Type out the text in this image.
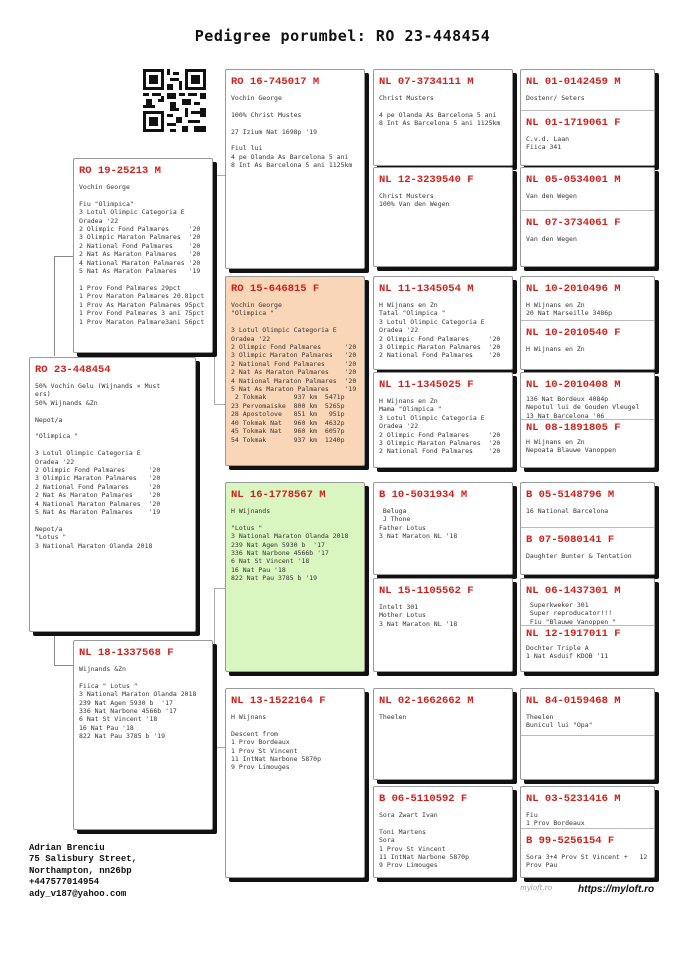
Pedigree porumbel: RO 23-448454
RO 23-448454
50% Vochin Gelu (Wijnands × Must
ers)
50% Wijnands &Zn

Nepot/a

"Olimpica "

3 Lotul Olimpic Categoria E
Oradea '22
2 Olimpic Fond Palmares      '20
3 Olimpic Maraton Palmares   '20
2 National Fond Palmares     '20
2 Nat As Maraton Palmares    '20
4 National Maraton Palmares  '20
5 Nat As Maraton Palmares    '19

Nepot/a
"Lotus "
3 National Maraton Olanda 2018
RO 19-25213 M
Vochin George

Fiu "Olimpica"
3 Lotul Olimpic Categoria E
Oradea '22
2 Olimpic Fond Palmares     '20
3 Olimpic Maraton Palmares  '20
2 National Fond Palmares    '20
2 Nat As Maraton Palmares   '20
4 National Maraton Palmares '20
5 Nat As Maraton Palmares   '19

1 Prov Fond Palmares 29pct
1 Prov Maraton Palmares 20.81pct
1 Prov As Maraton Palmares 95pct
1 Prov Fond Palmares 3 ani 75pct
1 Prov Maraton Palmare3ani 56pct
NL 18-1337568 F
Wijnands &Zn

Fiica " Lotus "
3 National Maraton Olanda 2018
239 Nat Agen 5930 b  '17
336 Nat Narbone 4566b '17
6 Nat St Vincent '18
16 Nat Pau '18
822 Nat Pau 3785 b '19
RO 16-745017 M
Vochin George

100% Christ Mustes

27 Izium Nat 1698p '19

Fiul lui
4 pe Olanda As Barcelona 5 ani
8 Int As Barcelona 5 ani 1125km
RO 15-646815 F
Vochin George
"Olimpica "

3 Lotul Olimpic Categoria E
Oradea '22
2 Olimpic Fond Palmares      '20
3 Olimpic Maraton Palmares   '20
2 National Fond Palmares     '20
2 Nat As Maraton Palmares    '20
4 National Maraton Palmares  '20
5 Nat As Maraton Palmares    '19
2 Tokmak       937 km  5471p
23 Pervomaiske  800 km  5265p
28 Apostolove   851 km   951p
40 Tokmak Nat   960 km  4632p
45 Tokmak Nat   960 km  6057p
54 Tokmak       937 km  1240p
NL 16-1778567 M
H Wijnands

"Lotus "
3 National Maraton Olanda 2018
239 Nat Agen 5930 b  '17
336 Nat Narbone 4566b '17
6 Nat St Vincent '18
16 Nat Pau '18
822 Nat Pau 3785 b '19
NL 13-1522164 F
H Wijnans

Descent from
1 Prov Bordeaux
1 Prov St Vincent
11 IntNat Narbone 5870p
9 Prov Limouges
NL 07-3734111 M
Christ Musters

4 pe Olanda As Barcelona 5 ani
8 Int As Barcelona 5 ani 1125km
NL 12-3239540 F
Christ Musters
100% Van den Wegen
NL 11-1345054 M
H Wijnans en Zn
Tatal "Olimpica "
3 Lotul Olimpic Categoria E
Oradea '22
2 Olimpic Fond Palmares     '20
3 Olimpic Maraton Palmares  '20
2 National Fond Palmares    '20
NL 11-1345025 F
H Wijnans en Zn
Mama "Olimpica "
3 Lotul Olimpic Categoria E
Oradea '22
2 Olimpic Fond Palmares     '20
3 Olimpic Maraton Palmares  '20
2 National Fond Palmares    '20
B 10-5031934 M
Beluga
J Thone
Father Lotus
3 Nat Maraton NL '18
NL 15-1105562 F
Intelt 301
Mother Lotus
3 Nat Maraton NL '18
NL 02-1662662 M
Theelen
B 06-5110592 F
Sora Zwart Ivan

Toni Martens
Sora
1 Prov St Vincent
11 IntNat Narbone 5870p
9 Prov Limouges
NL 01-0142459 M
Dostenr/ Seters
NL 01-1719061 F
C.v.d. Laan
Fiica 341
NL 05-0534001 M
Van den Wegen
NL 07-3734061 F
Van den Wegen
NL 10-2010496 M
H Wijnans en Zn
20 Nat Marseille 3486p
NL 10-2010540 F
H Wijnans en Zn
NL 10-2010408 M
136 Nat Bordeux 4084p
Nepotul lui de Gouden Vleugel
13 Nat Barcelona '06
NL 08-1891805 F
H Wijnans en Zn
Nepoata Blauwe Vanoppen
B 05-5148796 M
16 National Barcelona
B 07-5080141 F
Daughter Bunter & Tentation
NL 06-1437301 M
Superkweker 301
Super reproducator!!!
Fiu "Blauwe Vanoppen "
NL 12-1917011 F
Dochter Triple A
1 Nat Asduif KDOB '11
NL 84-0159468 M
Theelen
Bunicul lui "Opa"
NL 03-5231416 M
Fiu
1 Prov Bordeaux
B 99-5256154 F
Sora 3+4 Prov St Vincent +   12
Prov Pau
Adrian Brenciu
75 Salisbury Street,
Northampton, nn26bp
+447577014954
ady_v187@yahoo.com
myloft.ro	https://myloft.ro
